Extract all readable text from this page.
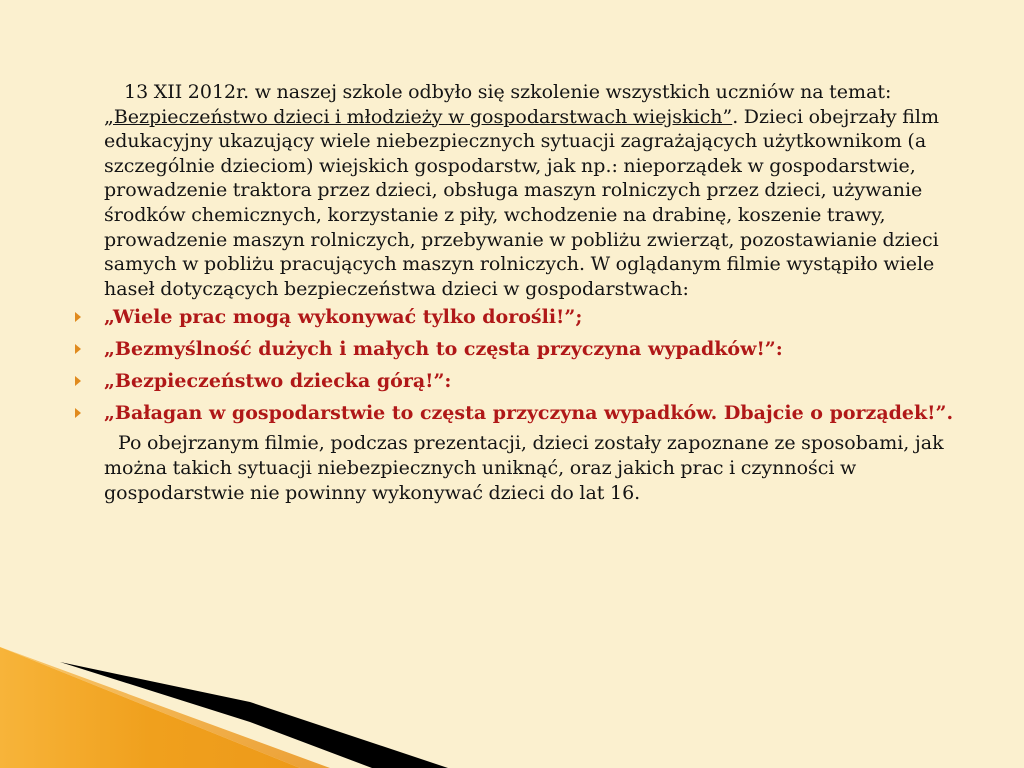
13 XII 2012r. w naszej szkole odbyło się szkolenie wszystkich uczniów na temat: „Bezpieczeństwo dzieci i młodzieży w gospodarstwach wiejskich”. Dzieci obejrzały film edukacyjny ukazujący wiele niebezpiecznych sytuacji zagrażających użytkownikom (a szczególnie dzieciom) wiejskich gospodarstw, jak np.: nieporządek w gospodarstwie, prowadzenie traktora przez dzieci, obsługa maszyn rolniczych przez dzieci, używanie środków chemicznych, korzystanie z piły, wchodzenie na drabinę, koszenie trawy, prowadzenie maszyn rolniczych, przebywanie w pobliżu zwierząt, pozostawianie dzieci samych w pobliżu pracujących maszyn rolniczych. W oglądanym filmie wystąpiło wiele haseł dotyczących bezpieczeństwa dzieci w gospodarstwach:

„Wiele prac mogą wykonywać tylko dorośli!”;
„Bezmyślność dużych i małych to częsta przyczyna wypadków!”:
„Bezpieczeństwo dziecka górą!”:
„Bałagan w gospodarstwie to częsta przyczyna wypadków. Dbajcie o porządek!”.

Po obejrzanym filmie, podczas prezentacji, dzieci zostały zapoznane ze sposobami, jak można takich sytuacji niebezpiecznych uniknąć, oraz jakich prac i czynności w gospodarstwie nie powinny wykonywać dzieci do lat 16.
